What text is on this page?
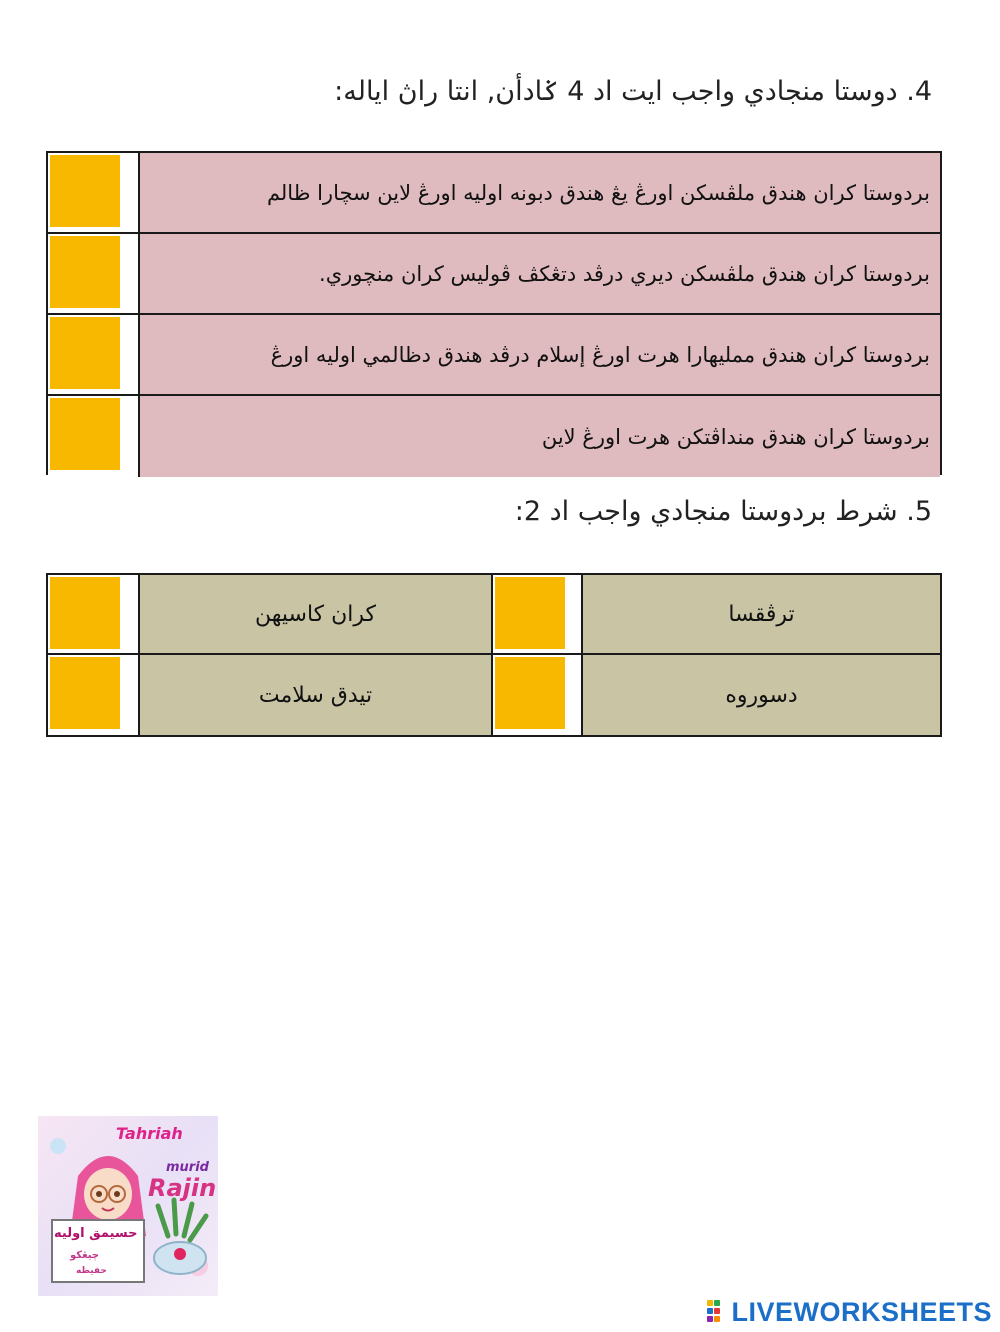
4. دوستا منجادي واجب ايت اد 4 ݢادأن, انتا راڽ اياله:
بردوستا كران هندق ملڤسكن اورڠ يڠ هندق دبونه اوليه اورڠ لاين سچارا ظالم
بردوستا كران هندق ملڤسكن ديري درڤد دتڠكڤ ڤوليس كران منچوري.
بردوستا كران هندق مملیهارا هرت اورڠ إسلام درڤد هندق دظالمي اوليه اورڠ
بردوستا كران هندق منداڤتكن هرت اورڠ لاين
5. شرط بردوستا منجادي واجب اد 2:
كران كاسيهن	ترڤقسا
تيدق سلامت	دسوروه
Tahriah
murid
Rajin
حسيمق اوليه
چيڠكو
حفيظه
LIVEWORKSHEETS
